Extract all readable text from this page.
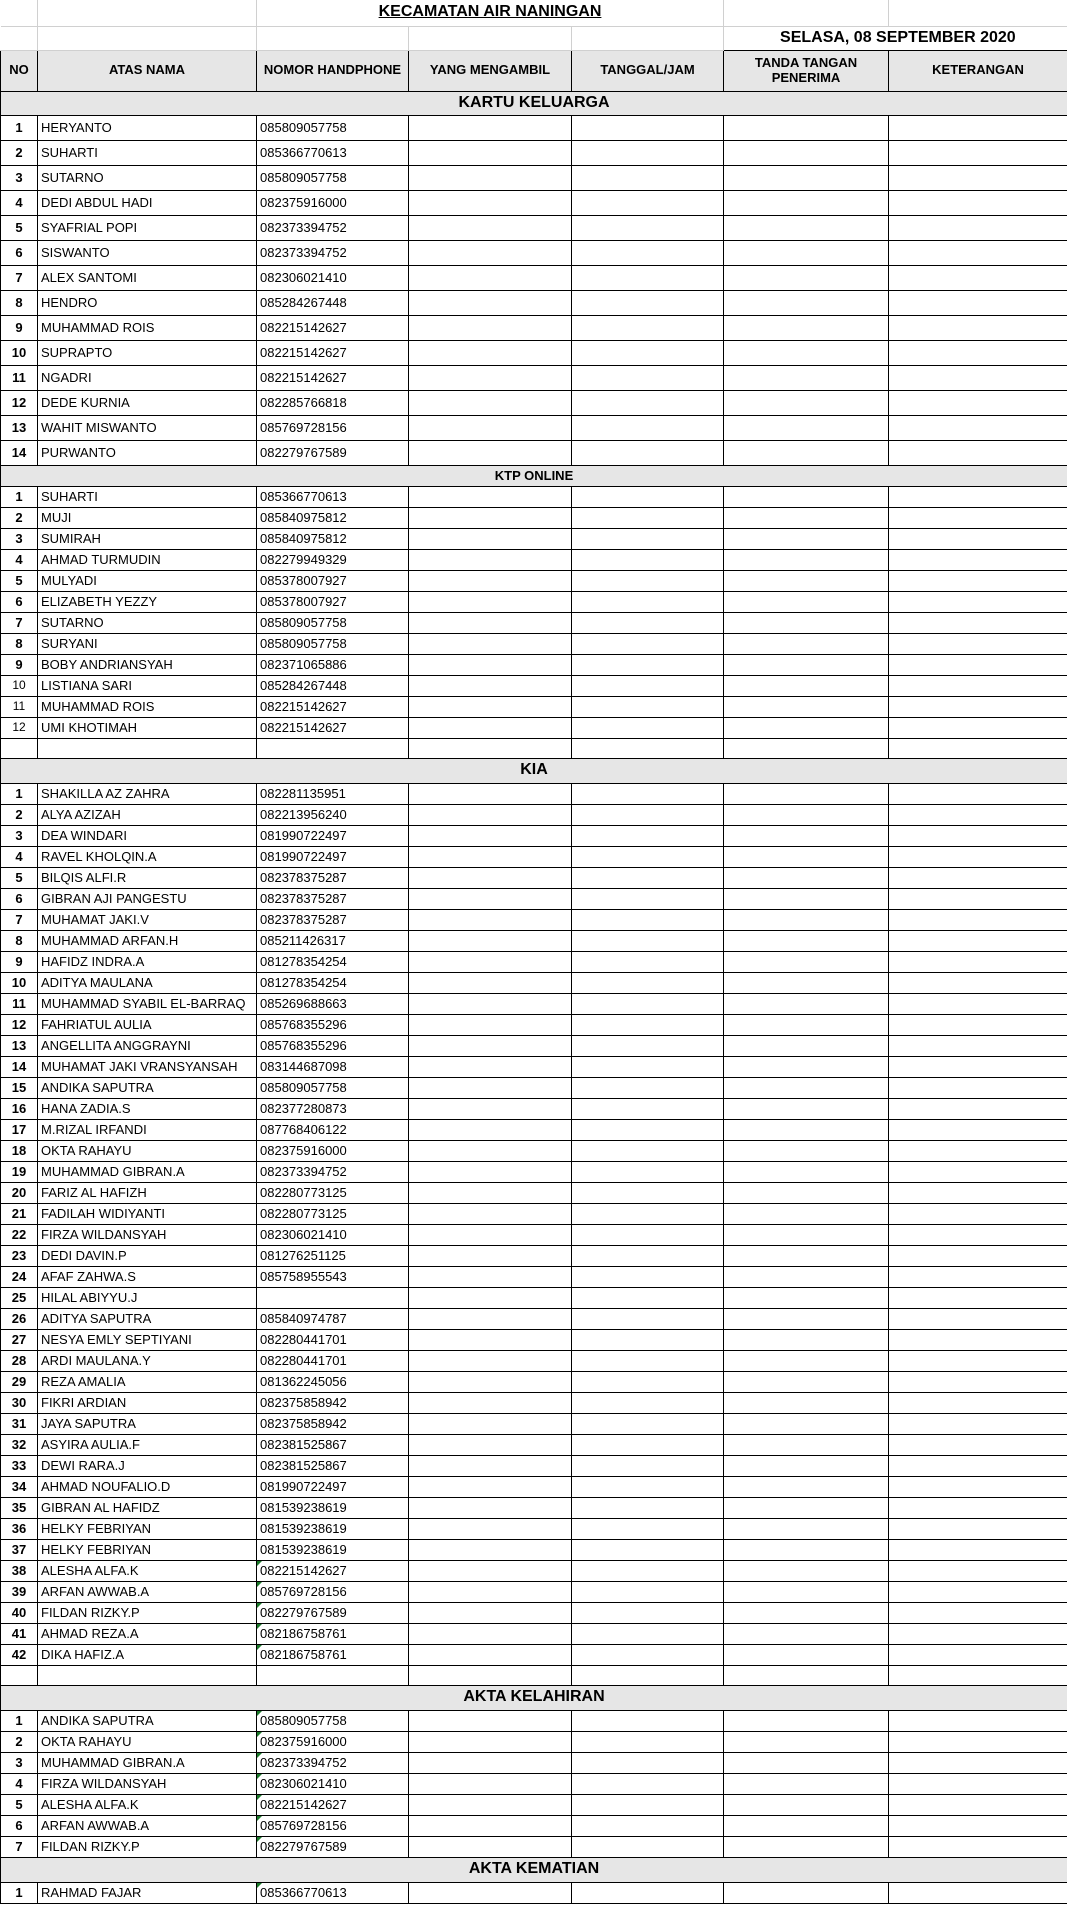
		KECAMATAN AIR NANINGAN				
					SELASA, 08 SEPTEMBER 2020	
NO	ATAS NAMA	NOMOR HANDPHONE	YANG MENGAMBIL	TANGGAL/JAM	TANDA TANGAN PENERIMA	KETERANGAN
KARTU KELUARGA						
1	HERYANTO	085809057758				
2	SUHARTI	085366770613				
3	SUTARNO	085809057758				
4	DEDI ABDUL HADI	082375916000				
5	SYAFRIAL POPI	082373394752				
6	SISWANTO	082373394752				
7	ALEX SANTOMI	082306021410				
8	HENDRO	085284267448				
9	MUHAMMAD ROIS	082215142627				
10	SUPRAPTO	082215142627				
11	NGADRI	082215142627				
12	DEDE KURNIA	082285766818				
13	WAHIT MISWANTO	085769728156				
14	PURWANTO	082279767589				
KTP ONLINE						
1	SUHARTI	085366770613				
2	MUJI	085840975812				
3	SUMIRAH	085840975812				
4	AHMAD TURMUDIN	082279949329				
5	MULYADI	085378007927				
6	ELIZABETH YEZZY	085378007927				
7	SUTARNO	085809057758				
8	SURYANI	085809057758				
9	BOBY ANDRIANSYAH	082371065886				
10	LISTIANA SARI	085284267448				
11	MUHAMMAD ROIS	082215142627				
12	UMI KHOTIMAH	082215142627				

KIA						
1	SHAKILLA AZ ZAHRA	082281135951				
2	ALYA AZIZAH	082213956240				
3	DEA WINDARI	081990722497				
4	RAVEL KHOLQIN.A	081990722497				
5	BILQIS ALFI.R	082378375287				
6	GIBRAN AJI PANGESTU	082378375287				
7	MUHAMAT JAKI.V	082378375287				
8	MUHAMMAD ARFAN.H	085211426317				
9	HAFIDZ INDRA.A	081278354254				
10	ADITYA MAULANA	081278354254				
11	MUHAMMAD SYABIL EL-BARRAQ	085269688663				
12	FAHRIATUL AULIA	085768355296				
13	ANGELLITA ANGGRAYNI	085768355296				
14	MUHAMAT JAKI VRANSYANSAH	083144687098				
15	ANDIKA SAPUTRA	085809057758				
16	HANA ZADIA.S	082377280873				
17	M.RIZAL IRFANDI	087768406122				
18	OKTA RAHAYU	082375916000				
19	MUHAMMAD GIBRAN.A	082373394752				
20	FARIZ AL HAFIZH	082280773125				
21	FADILAH WIDIYANTI	082280773125				
22	FIRZA WILDANSYAH	082306021410				
23	DEDI DAVIN.P	081276251125				
24	AFAF ZAHWA.S	085758955543				
25	HILAL ABIYYU.J					
26	ADITYA SAPUTRA	085840974787				
27	NESYA EMLY SEPTIYANI	082280441701				
28	ARDI MAULANA.Y	082280441701				
29	REZA AMALIA	081362245056				
30	FIKRI ARDIAN	082375858942				
31	JAYA SAPUTRA	082375858942				
32	ASYIRA AULIA.F	082381525867				
33	DEWI RARA.J	082381525867				
34	AHMAD NOUFALIO.D	081990722497				
35	GIBRAN AL HAFIDZ	081539238619				
36	HELKY FEBRIYAN	081539238619				
37	HELKY FEBRIYAN	081539238619				
38	ALESHA ALFA.K	082215142627				
39	ARFAN AWWAB.A	085769728156				
40	FILDAN RIZKY.P	082279767589				
41	AHMAD REZA.A	082186758761				
42	DIKA HAFIZ.A	082186758761				

AKTA KELAHIRAN						
1	ANDIKA SAPUTRA	085809057758				
2	OKTA RAHAYU	082375916000				
3	MUHAMMAD GIBRAN.A	082373394752				
4	FIRZA WILDANSYAH	082306021410				
5	ALESHA ALFA.K	082215142627				
6	ARFAN AWWAB.A	085769728156				
7	FILDAN RIZKY.P	082279767589				
AKTA KEMATIAN						
1	RAHMAD FAJAR	085366770613				
